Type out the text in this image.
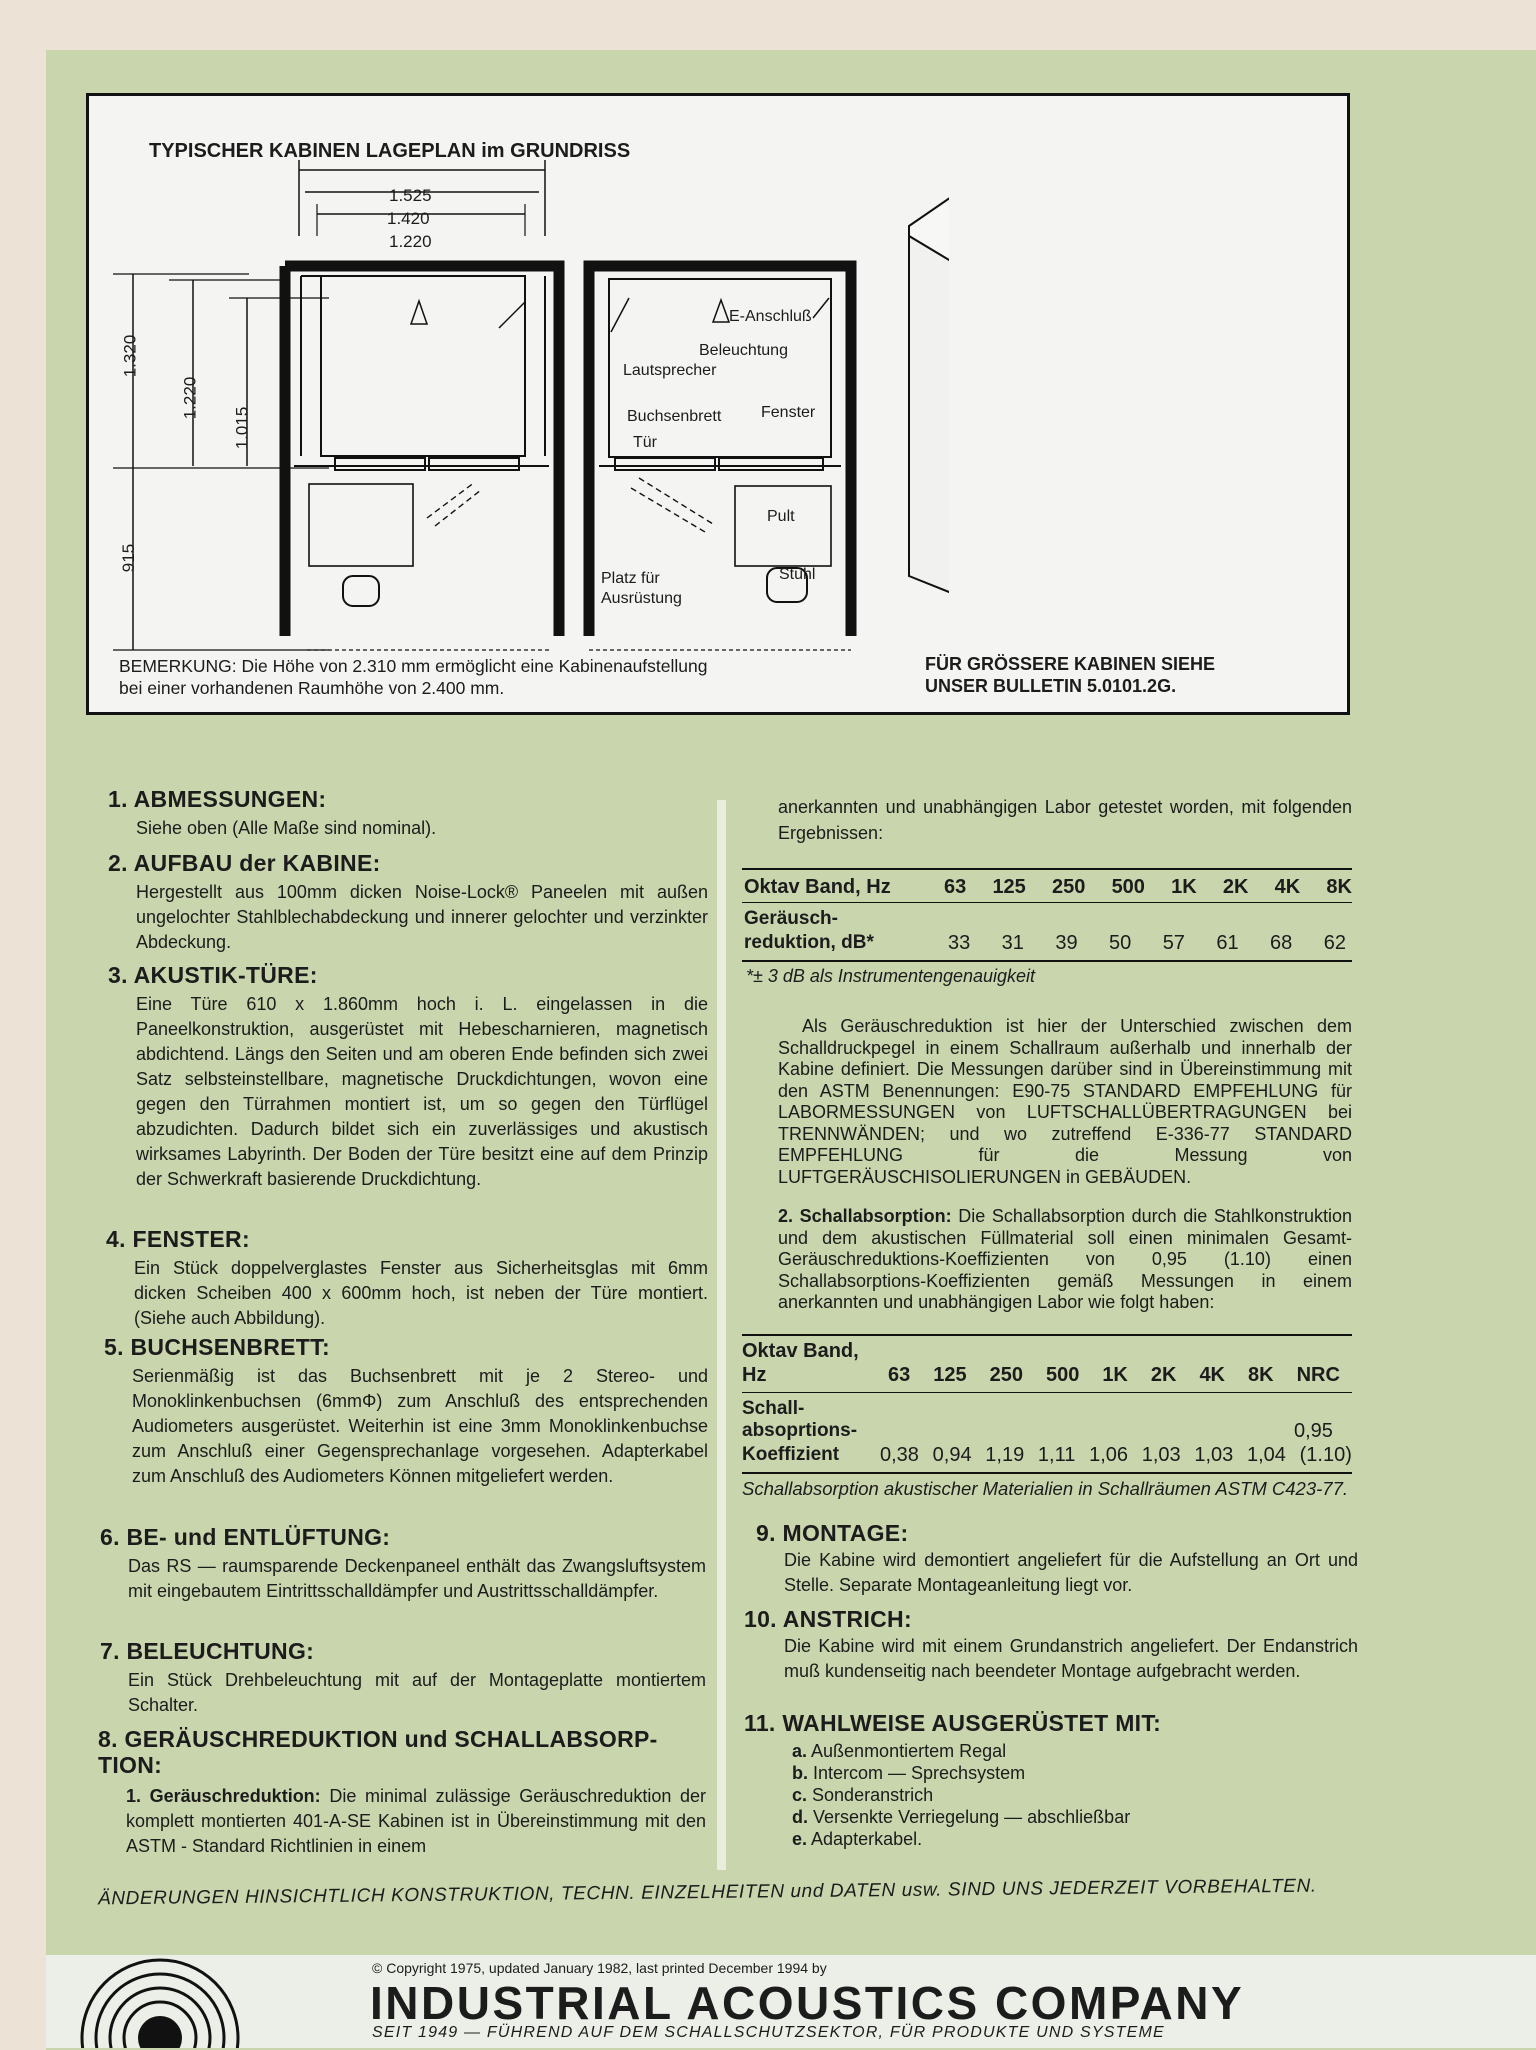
TYPISCHER KABINEN LAGEPLAN im GRUNDRISS
1.525
1.420
1.220
1.320
1.220
1.015
915
E-Anschluß
Beleuchtung
Lautsprecher
Buchsenbrett Fenster
Tür
Pult
Stuhl
Platz für
Ausrüstung
BEMERKUNG: Die Höhe von 2.310 mm ermöglicht eine Kabinenaufstellung
bei einer vorhandenen Raumhöhe von 2.400 mm.
FÜR GRÖSSERE KABINEN SIEHE
UNSER BULLETIN 5.0101.2G.
1. ABMESSUNGEN:
Siehe oben (Alle Maße sind nominal).
2. AUFBAU der KABINE:
Hergestellt aus 100mm dicken Noise-Lock® Paneelen mit außen ungelochter Stahlblechabdeckung und innerer gelochter und verzinkter Abdeckung.
3. AKUSTIK-TÜRE:
Eine Türe 610 x 1.860mm hoch i. L. eingelassen in die Paneelkonstruktion, ausgerüstet mit Hebescharnieren, magnetisch abdichtend. Längs den Seiten und am oberen Ende befinden sich zwei Satz selbsteinstellbare, magnetische Druckdichtungen, wovon eine gegen den Türrahmen montiert ist, um so gegen den Türflügel abzudichten. Dadurch bildet sich ein zuverlässiges und akustisch wirksames Labyrinth. Der Boden der Türe besitzt eine auf dem Prinzip der Schwerkraft basierende Druckdichtung.
4. FENSTER:
Ein Stück doppelverglastes Fenster aus Sicherheitsglas mit 6mm dicken Scheiben 400 x 600mm hoch, ist neben der Türe montiert. (Siehe auch Abbildung).
5. BUCHSENBRETT:
Serienmäßig ist das Buchsenbrett mit je 2 Stereo- und Monoklinkenbuchsen (6mmΦ) zum Anschluß des entsprechenden Audiometers ausgerüstet. Weiterhin ist eine 3mm Monoklinkenbuchse zum Anschluß einer Gegensprechanlage vorgesehen. Adapterkabel zum Anschluß des Audiometers Können mitgeliefert werden.
6. BE- und ENTLÜFTUNG:
Das RS — raumsparende Deckenpaneel enthält das Zwangsluftsystem mit eingebautem Eintrittsschalldämpfer und Austrittsschalldämpfer.
7. BELEUCHTUNG:
Ein Stück Drehbeleuchtung mit auf der Montageplatte montiertem Schalter.
8. GERÄUSCHREDUKTION und SCHALLABSORP-TION:
1. Geräuschreduktion: Die minimal zulässige Geräuschreduktion der komplett montierten 401-A-SE Kabinen ist in Übereinstimmung mit den ASTM - Standard Richtlinien in einem
anerkannten und unabhängigen Labor getestet worden, mit folgenden Ergebnissen:
Oktav Band, Hz	63 125 250 500 1K 2K 4K 8K
Geräusch-
reduktion, dB*	33 31 39 50 57 61 68 62
*± 3 dB als Instrumentengenauigkeit
Als Geräuschreduktion ist hier der Unterschied zwischen dem Schalldruckpegel in einem Schallraum außerhalb und innerhalb der Kabine definiert. Die Messungen darüber sind in Übereinstimmung mit den ASTM Benennungen: E90-75 STANDARD EMPFEHLUNG für LABORMESSUNGEN von LUFTSCHALLÜBERTRAGUNGEN bei TRENNWÄNDEN; und wo zutreffend E-336-77 STANDARD EMPFEHLUNG für die Messung von LUFTGERÄUSCHISOLIERUNGEN in GEBÄUDEN.
2. Schallabsorption: Die Schallabsorption durch die Stahlkonstruktion und dem akustischen Füllmaterial soll einen minimalen Gesamt-Geräuschreduktions-Koeffizienten von 0,95 (1.10) einen Schallabsorptions-Koeffizienten gemäß Messungen in einem anerkannten und unabhängigen Labor wie folgt haben:
Oktav Band,
Hz	63 125 250 500 1K 2K 4K 8K NRC
Schall-
absoprtions-
Koeffizient
0,95
0,38 0,94 1,19 1,11 1,06 1,03 1,03 1,04 (1.10)
Schallabsorption akustischer Materialien in Schallräumen ASTM C423-77.
9. MONTAGE:
Die Kabine wird demontiert angeliefert für die Aufstellung an Ort und Stelle. Separate Montageanleitung liegt vor.
10. ANSTRICH:
Die Kabine wird mit einem Grundanstrich angeliefert. Der Endanstrich muß kundenseitig nach beendeter Montage aufgebracht werden.
11. WAHLWEISE AUSGERÜSTET MIT:
a. Außenmontiertem Regal
b. Intercom — Sprechsystem
c. Sonderanstrich
d. Versenkte Verriegelung — abschließbar
e. Adapterkabel.
ÄNDERUNGEN HINSICHTLICH KONSTRUKTION, TECHN. EINZELHEITEN und DATEN usw. SIND UNS JEDERZEIT VORBEHALTEN.
© Copyright 1975, updated January 1982, last printed December 1994 by
INDUSTRIAL ACOUSTICS COMPANY
SEIT 1949 — FÜHREND AUF DEM SCHALLSCHUTZSEKTOR, FÜR PRODUKTE UND SYSTEME
